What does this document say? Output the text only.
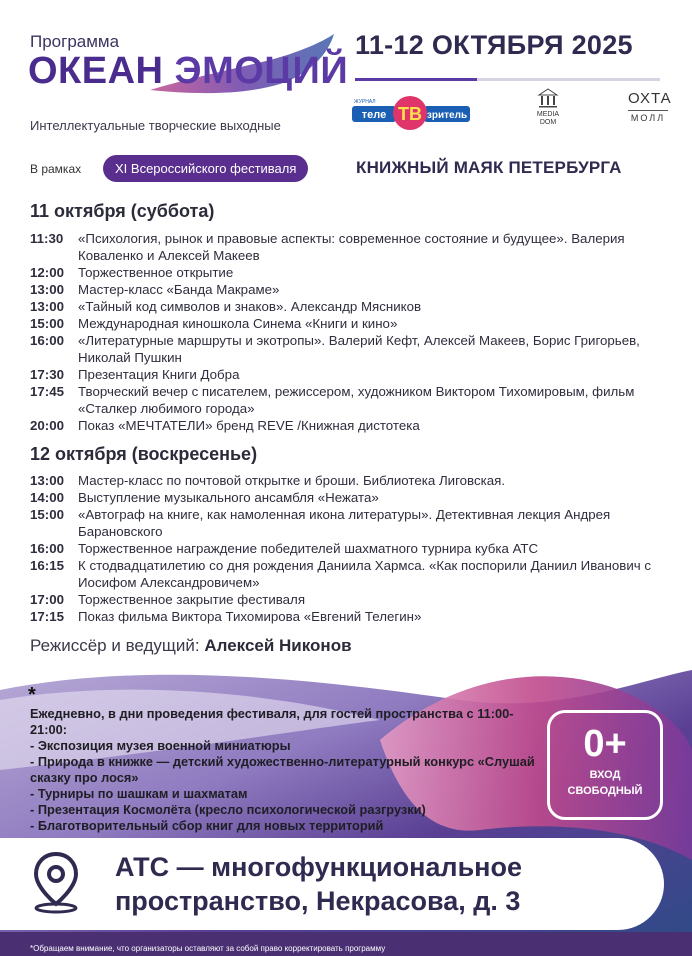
Программа
ОКЕАН ЭМОЦИЙ
Интеллектуальные творческие выходные
11-12 ОКТЯБРЯ 2025
ЖУРНАЛ
теле ТВ зритель	MEDIA
DOM
ОХТА
МОЛЛ
В рамках	XI Всероссийского фестиваля	КНИЖНЫЙ МАЯК ПЕТЕРБУРГА
11 октября (суббота)
11:30	«Психология, рынок и правовые аспекты: современное состояние и будущее». Валерия Коваленко и Алексей Макеев
12:00	Торжественное открытие
13:00	Мастер-класс «Банда Макраме»
13:00	«Тайный код символов и знаков». Александр Мясников
15:00	Международная киношкола Синема «Книги и кино»
16:00	«Литературные маршруты и экотропы». Валерий Кефт, Алексей Макеев, Борис Григорьев, Николай Пушкин
17:30	Презентация Книги Добра
17:45	Творческий вечер с писателем, режиссером, художником Виктором Тихомировым, фильм «Сталкер любимого города»
20:00	Показ «МЕЧТАТЕЛИ» бренд REVE /Книжная дистотека
12 октября (воскресенье)
13:00	Мастер-класс по почтовой открытке и броши. Библиотека Лиговская.
14:00	Выступление музыкального ансамбля «Нежата»
15:00	«Автограф на книге, как намоленная икона литературы». Детективная лекция Андрея Барановского
16:00	Торжественное награждение победителей шахматного турнира кубка АТС
16:15	К стодвадцатилетию со дня рождения Даниила Хармса. «Как поспорили Даниил Иванович с Иосифом Александровичем»
17:00	Торжественное закрытие фестиваля
17:15	Показ фильма Виктора Тихомирова «Евгений Телегин»
Режиссёр и ведущий: Алексей Никонов
*
Ежедневно, в дни проведения фестиваля, для гостей пространства с 11:00-21:00:
- Экспозиция музея военной миниатюры
- Природа в книжке — детский художественно-литературный конкурс «Слушай сказку про лося»
- Турниры по шашкам и шахматам
- Презентация Космолёта (кресло психологической разгрузки)
- Благотворительный сбор книг для новых территорий
0+
ВХОД
СВОБОДНЫЙ
АТС — многофункциональное
пространство, Некрасова, д. 3
*Обращаем внимание, что организаторы оставляют за собой право корректировать программу
